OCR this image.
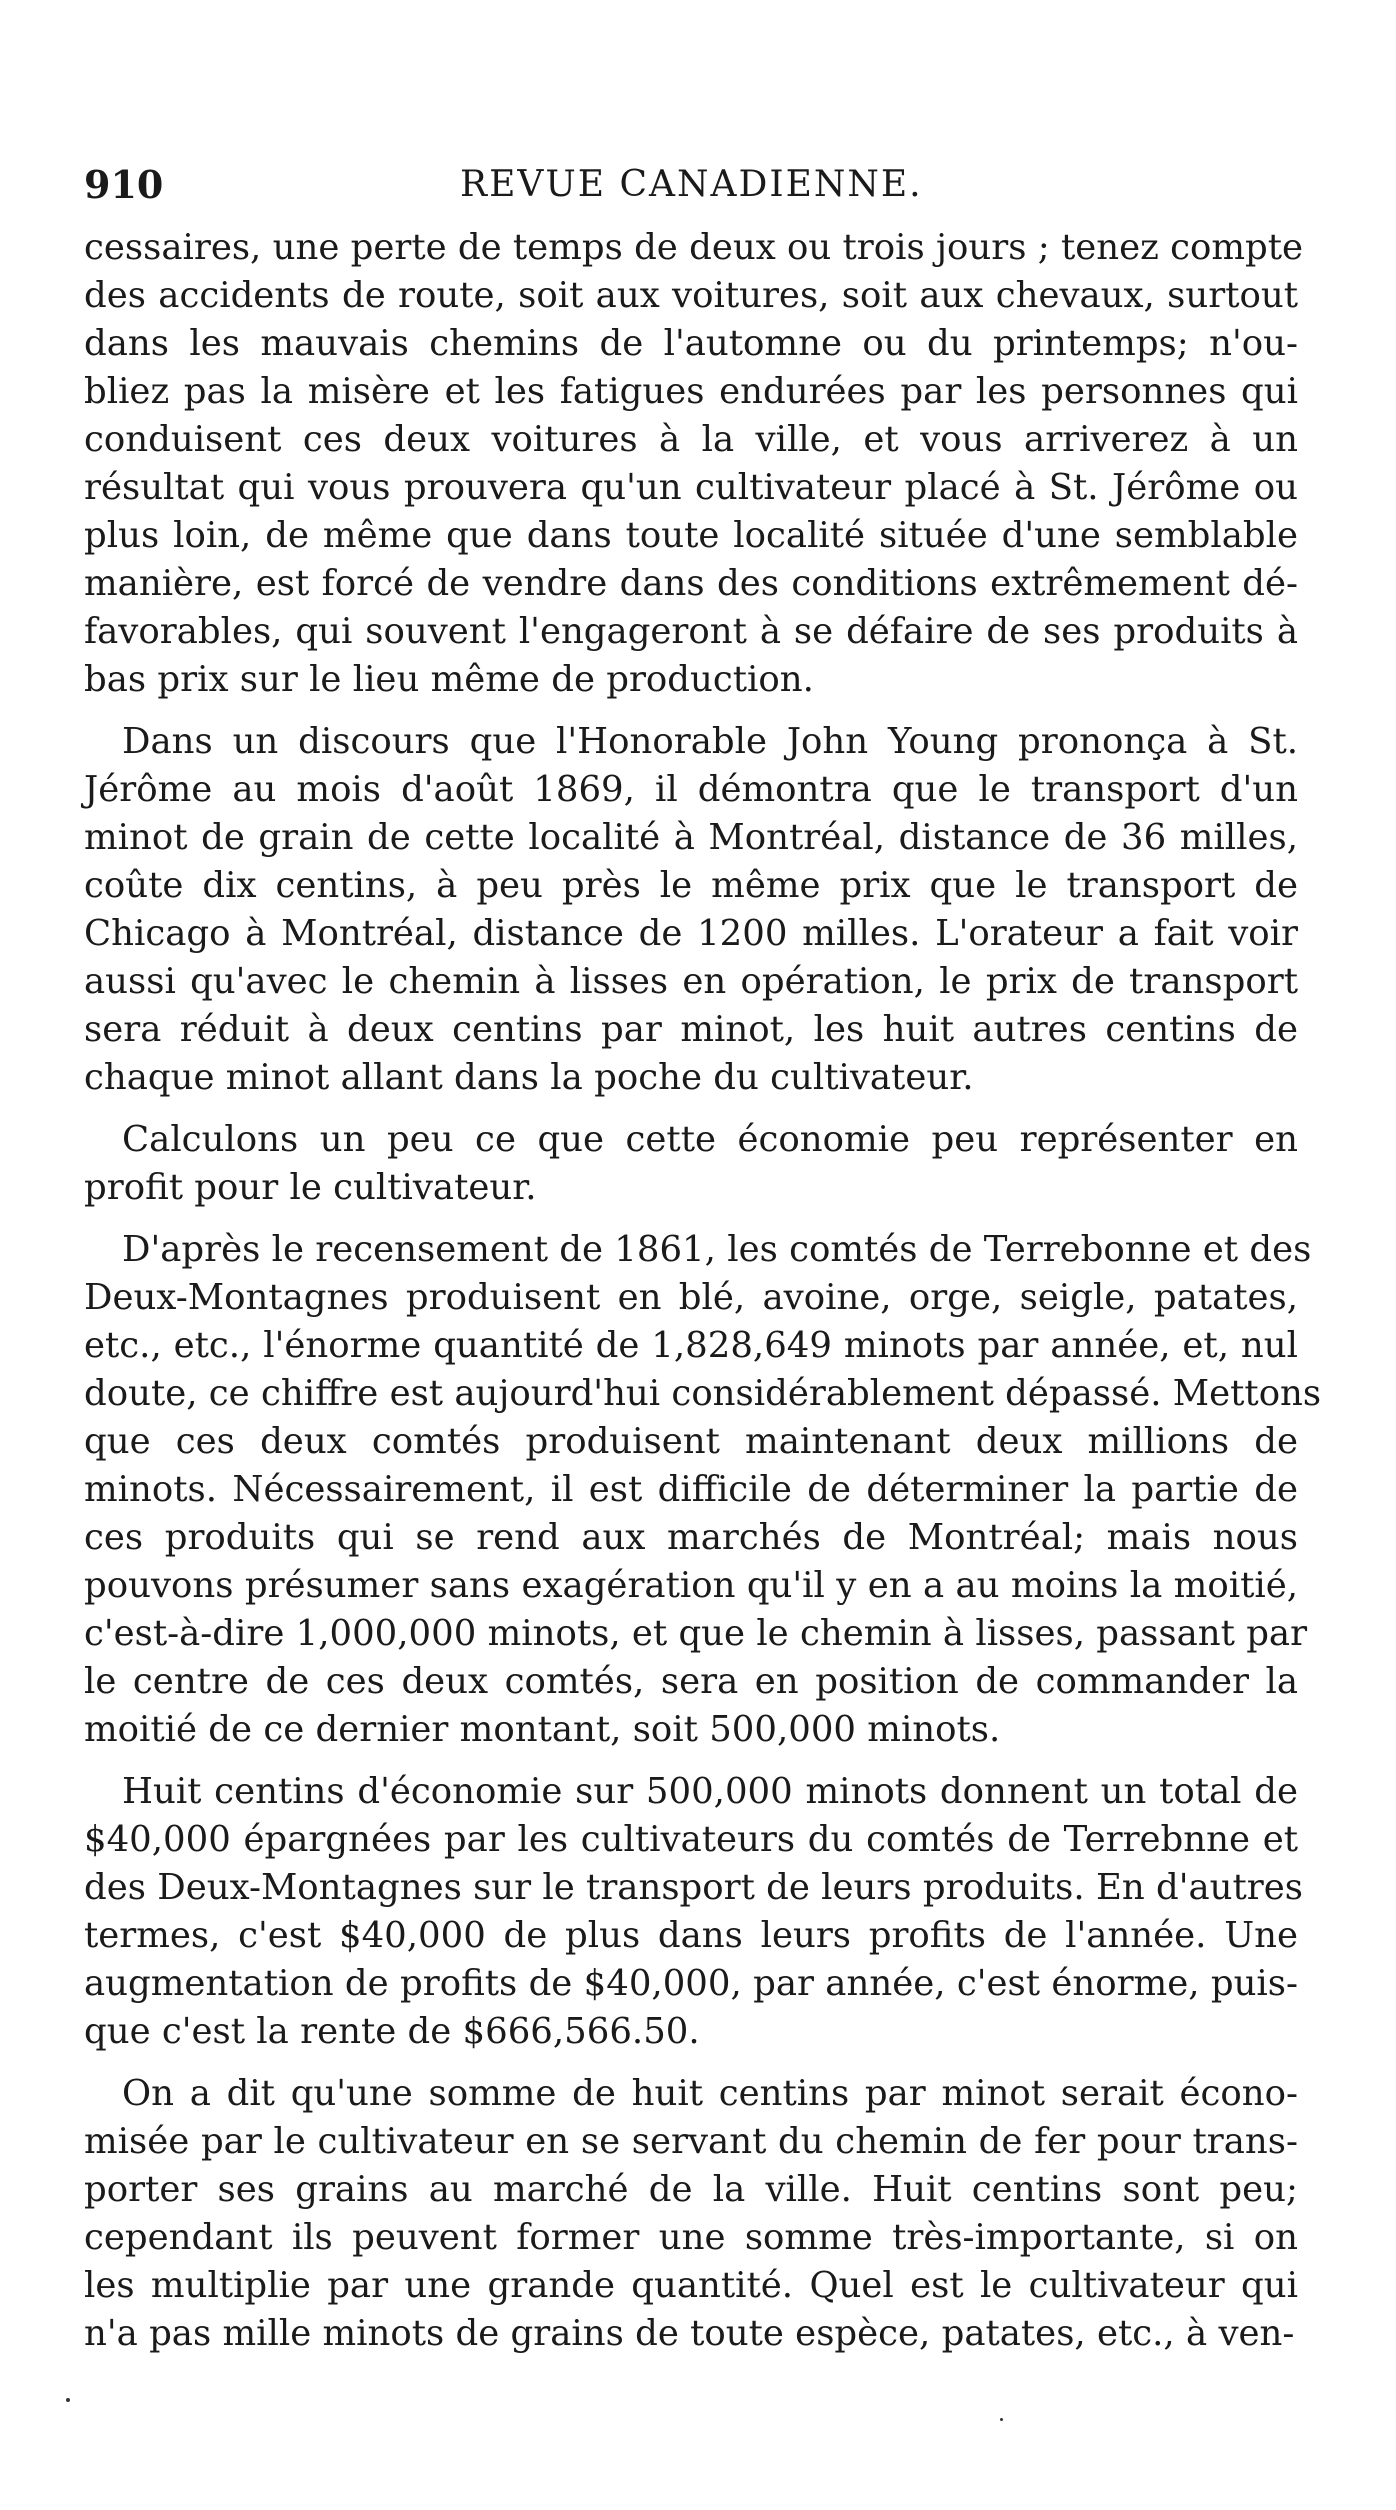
910	REVUE CANADIENNE.

cessaires, une perte de temps de deux ou trois jours ; tenez compte
des accidents de route, soit aux voitures, soit aux chevaux, surtout
dans les mauvais chemins de l'automne ou du printemps; n'ou-
bliez pas la misère et les fatigues endurées par les personnes qui
conduisent ces deux voitures à la ville, et vous arriverez à un
résultat qui vous prouvera qu'un cultivateur placé à St. Jérôme ou
plus loin, de même que dans toute localité située d'une semblable
manière, est forcé de vendre dans des conditions extrêmement dé-
favorables, qui souvent l'engageront à se défaire de ses produits à
bas prix sur le lieu même de production.

Dans un discours que l'Honorable John Young prononça à St.
Jérôme au mois d'août 1869, il démontra que le transport d'un
minot de grain de cette localité à Montréal, distance de 36 milles,
coûte dix centins, à peu près le même prix que le transport de
Chicago à Montréal, distance de 1200 milles. L'orateur a fait voir
aussi qu'avec le chemin à lisses en opération, le prix de transport
sera réduit à deux centins par minot, les huit autres centins de
chaque minot allant dans la poche du cultivateur.

Calculons un peu ce que cette économie peu représenter en
profit pour le cultivateur.

D'après le recensement de 1861, les comtés de Terrebonne et des
Deux-Montagnes produisent en blé, avoine, orge, seigle, patates,
etc., etc., l'énorme quantité de 1,828,649 minots par année, et, nul
doute, ce chiffre est aujourd'hui considérablement dépassé. Mettons
que ces deux comtés produisent maintenant deux millions de
minots. Nécessairement, il est difficile de déterminer la partie de
ces produits qui se rend aux marchés de Montréal; mais nous
pouvons présumer sans exagération qu'il y en a au moins la moitié,
c'est-à-dire 1,000,000 minots, et que le chemin à lisses, passant par
le centre de ces deux comtés, sera en position de commander la
moitié de ce dernier montant, soit 500,000 minots.

Huit centins d'économie sur 500,000 minots donnent un total de
$40,000 épargnées par les cultivateurs du comtés de Terrebnne et
des Deux-Montagnes sur le transport de leurs produits. En d'autres
termes, c'est $40,000 de plus dans leurs profits de l'année. Une
augmentation de profits de $40,000, par année, c'est énorme, puis-
que c'est la rente de $666,566.50.

On a dit qu'une somme de huit centins par minot serait écono-
misée par le cultivateur en se servant du chemin de fer pour trans-
porter ses grains au marché de la ville. Huit centins sont peu;
cependant ils peuvent former une somme très-importante, si on
les multiplie par une grande quantité. Quel est le cultivateur qui
n'a pas mille minots de grains de toute espèce, patates, etc., à ven-
